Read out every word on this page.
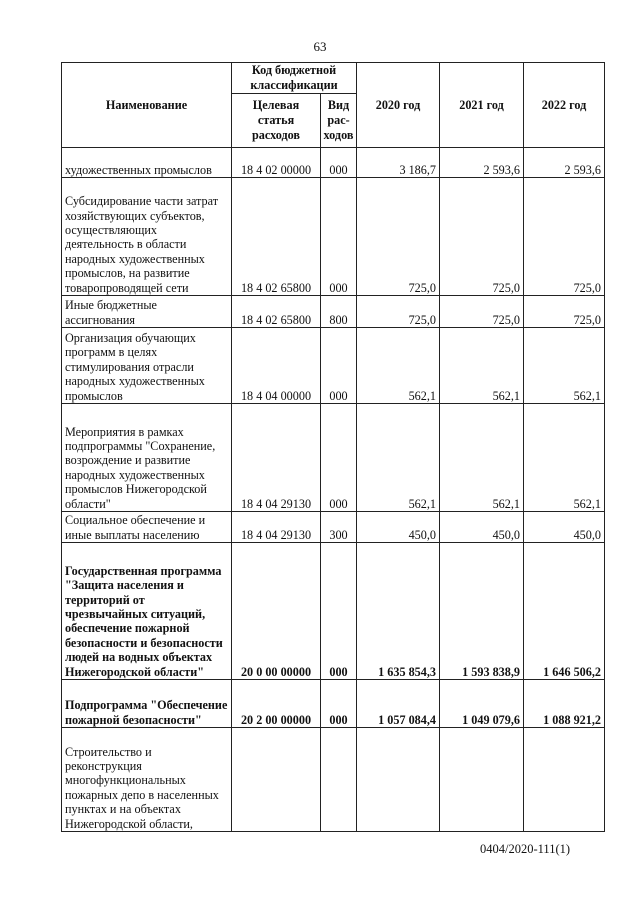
63
Наименование	Код бюджетной классификации		2020 год	2021 год	2022 год
	Целевая статья расходов	Вид рас-ходов			
художественных промыслов	18 4 02 00000	000	3 186,7	2 593,6	2 593,6
Субсидирование части затрат хозяйствующих субъектов, осуществляющих деятельность в области народных художественных промыслов, на развитие товаропроводящей сети	18 4 02 65800	000	725,0	725,0	725,0
Иные бюджетные ассигнования	18 4 02 65800	800	725,0	725,0	725,0
Организация обучающих программ в целях стимулирования отрасли народных художественных промыслов	18 4 04 00000	000	562,1	562,1	562,1
Мероприятия в рамках подпрограммы "Сохранение, возрождение и развитие народных художественных промыслов Нижегородской области"	18 4 04 29130	000	562,1	562,1	562,1
Социальное обеспечение и иные выплаты населению	18 4 04 29130	300	450,0	450,0	450,0
Государственная программа "Защита населения и территорий от чрезвычайных ситуаций, обеспечение пожарной безопасности и безопасности людей на водных объектах Нижегородской области"	20 0 00 00000	000	1 635 854,3	1 593 838,9	1 646 506,2
Подпрограмма "Обеспечение пожарной безопасности"	20 2 00 00000	000	1 057 084,4	1 049 079,6	1 088 921,2
Строительство и реконструкция многофункциональных пожарных депо в населенных пунктах и на объектах Нижегородской области,					
0404/2020-111(1)
